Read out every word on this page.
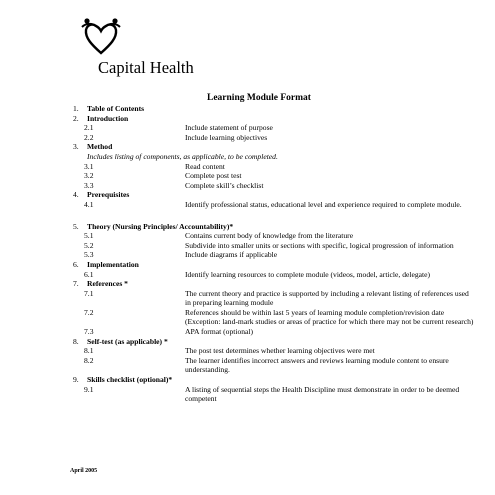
Capital Health
Learning Module Format
1. Table of Contents
2. Introduction
2.1	Include statement of purpose
2.2	Include learning objectives
3. Method
Includes listing of components, as applicable, to be completed.
3.1	Read content
3.2	Complete post test
3.3	Complete skill’s checklist
4. Prerequisites
4.1	Identify professional status, educational level and experience required to complete module.
5. Theory (Nursing Principles/ Accountability)*
5.1	Contains current body of knowledge from the literature
5.2	Subdivide into smaller units or sections with specific, logical progression of information
5.3	Include diagrams if applicable
6. Implementation
6.1	Identify learning resources to complete module (videos, model, article, delegate)
7. References *
7.1	The current theory and practice is supported by including a relevant listing of references used in preparing learning module
7.2	References should be within last 5 years of learning module completion/revision date (Exception: land-mark studies or areas of practice for which there may not be current research)
7.3	APA format (optional)
8. Self-test (as applicable) *
8.1	The post test determines whether learning objectives were met
8.2	The learner identifies incorrect answers and reviews learning module content to ensure understanding.
9. Skills checklist (optional)*
9.1	A listing of sequential steps the Health Discipline must demonstrate in order to be deemed competent
April 2005
